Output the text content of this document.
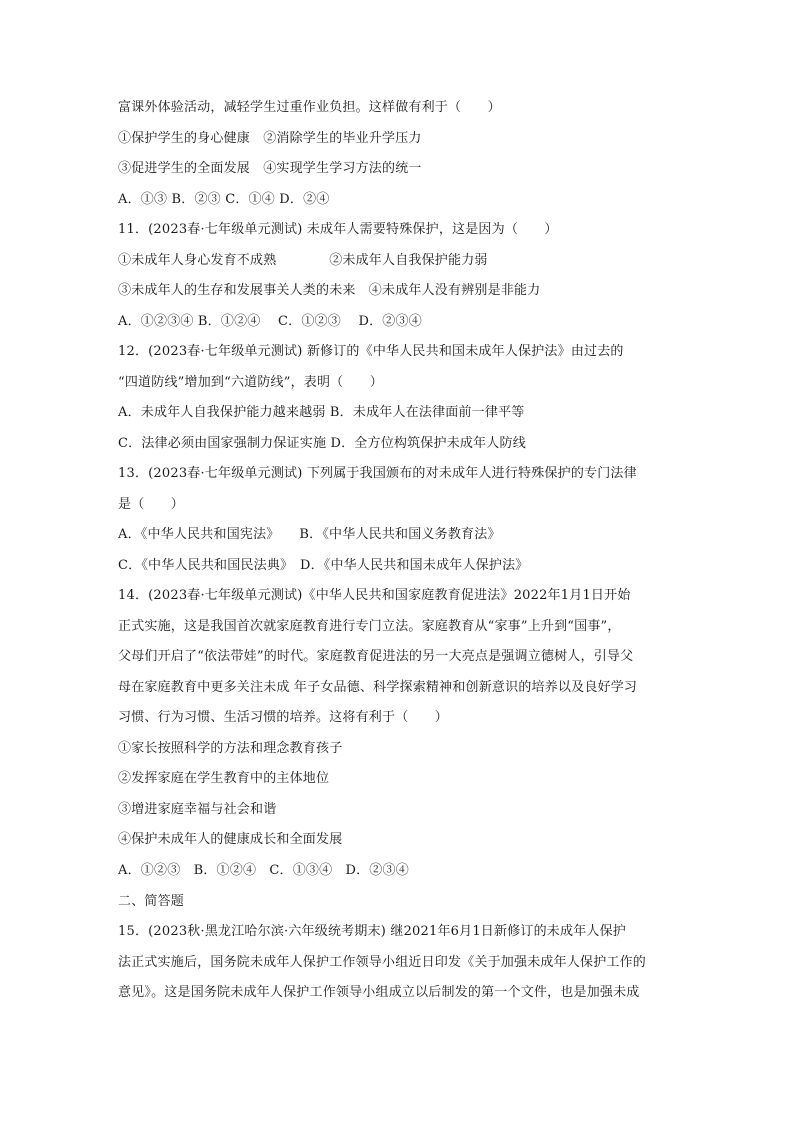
富课外体验活动，减轻学生过重作业负担。这样做有利于（　　）
①保护学生的身心健康　②消除学生的毕业升学压力
③促进学生的全面发展　④实现学生学习方法的统一
A．①③ B．②③ C．①④ D．②④
11．(2023春·七年级单元测试) 未成年人需要特殊保护，这是因为（　　）
①未成年人身心发育不成熟　　　　②未成年人自我保护能力弱
③未成年人的生存和发展事关人类的未来　④未成年人没有辨别是非能力
A．①②③④ B．①②④　 C．①②③　 D．②③④
12．(2023春·七年级单元测试) 新修订的《中华人民共和国未成年人保护法》由过去的
“四道防线”增加到“六道防线”，表明（　　）
A．未成年人自我保护能力越来越弱 B．未成年人在法律面前一律平等
C．法律必须由国家强制力保证实施 D．全方位构筑保护未成年人防线
13．(2023春·七年级单元测试) 下列属于我国颁布的对未成年人进行特殊保护的专门法律
是（　　）
A．《中华人民共和国宪法》　　B．《中华人民共和国义务教育法》
C．《中华人民共和国民法典》　D．《中华人民共和国未成年人保护法》
14．(2023春·七年级单元测试)《中华人民共和国家庭教育促进法》2022年1月1日开始
正式实施，这是我国首次就家庭教育进行专门立法。家庭教育从“家事”上升到“国事”，
父母们开启了“依法带娃”的时代。家庭教育促进法的另一大亮点是强调立德树人，引导父
母在家庭教育中更多关注未成 年子女品德、科学探索精神和创新意识的培养以及良好学习
习惯、行为习惯、生活习惯的培养。这将有利于（　　）
①家长按照科学的方法和理念教育孩子
②发挥家庭在学生教育中的主体地位
③增进家庭幸福与社会和谐
④保护未成年人的健康成长和全面发展
A．①②③　B．①②④　C．①③④　D．②③④
二、简答题
15．(2023秋·黑龙江哈尔滨·六年级统考期末) 继2021年6月1日新修订的未成年人保护
法正式实施后，国务院未成年人保护工作领导小组近日印发《关于加强未成年人保护工作的
意见》。这是国务院未成年人保护工作领导小组成立以后制发的第一个文件，也是加强未成
